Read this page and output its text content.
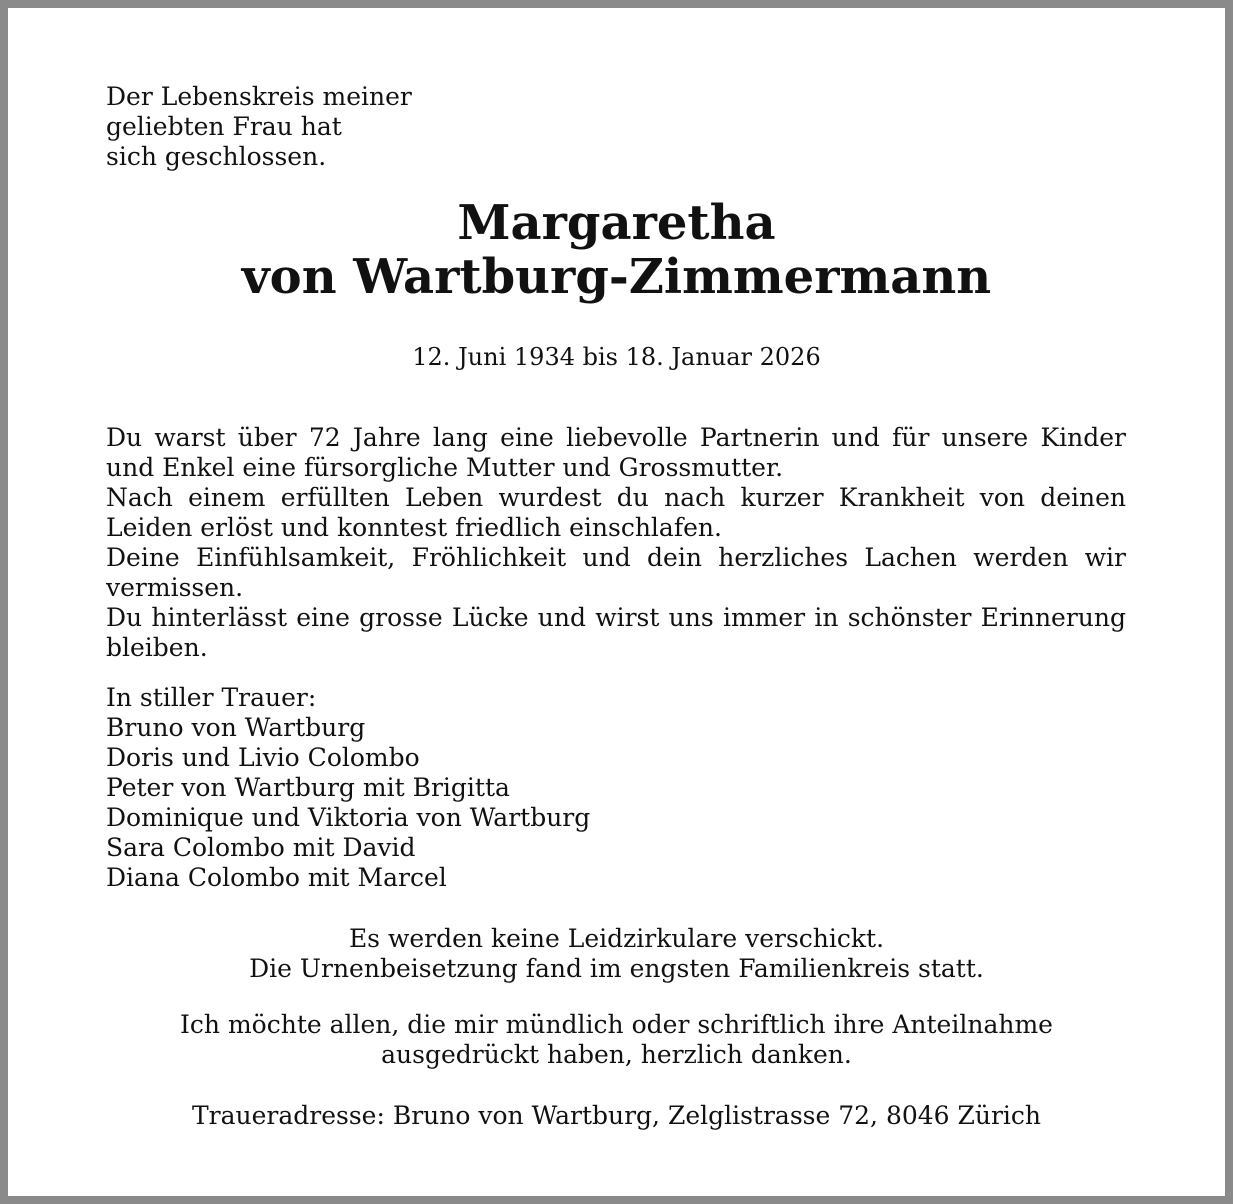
Der Lebenskreis meiner
geliebten Frau hat
sich geschlossen.
Margaretha
von Wartburg-Zimmermann
12. Juni 1934 bis 18. Januar 2026

Du warst über 72 Jahre lang eine liebevolle Partnerin und für unsere Kinder und Enkel eine fürsorgliche Mutter und Grossmutter.

Nach einem erfüllten Leben wurdest du nach kurzer Krankheit von deinen Leiden erlöst und konntest friedlich einschlafen.

Deine Einfühlsamkeit, Fröhlichkeit und dein herzliches Lachen werden wir vermissen.

Du hinterlässt eine grosse Lücke und wirst uns immer in schönster Erinnerung bleiben.

In stiller Trauer:
Bruno von Wartburg
Doris und Livio Colombo
Peter von Wartburg mit Brigitta
Dominique und Viktoria von Wartburg
Sara Colombo mit David
Diana Colombo mit Marcel
Es werden keine Leidzirkulare verschickt.
Die Urnenbeisetzung fand im engsten Familienkreis statt.
Ich möchte allen, die mir mündlich oder schriftlich ihre Anteilnahme
ausgedrückt haben, herzlich danken.
Traueradresse: Bruno von Wartburg, Zelglistrasse 72, 8046 Zürich
